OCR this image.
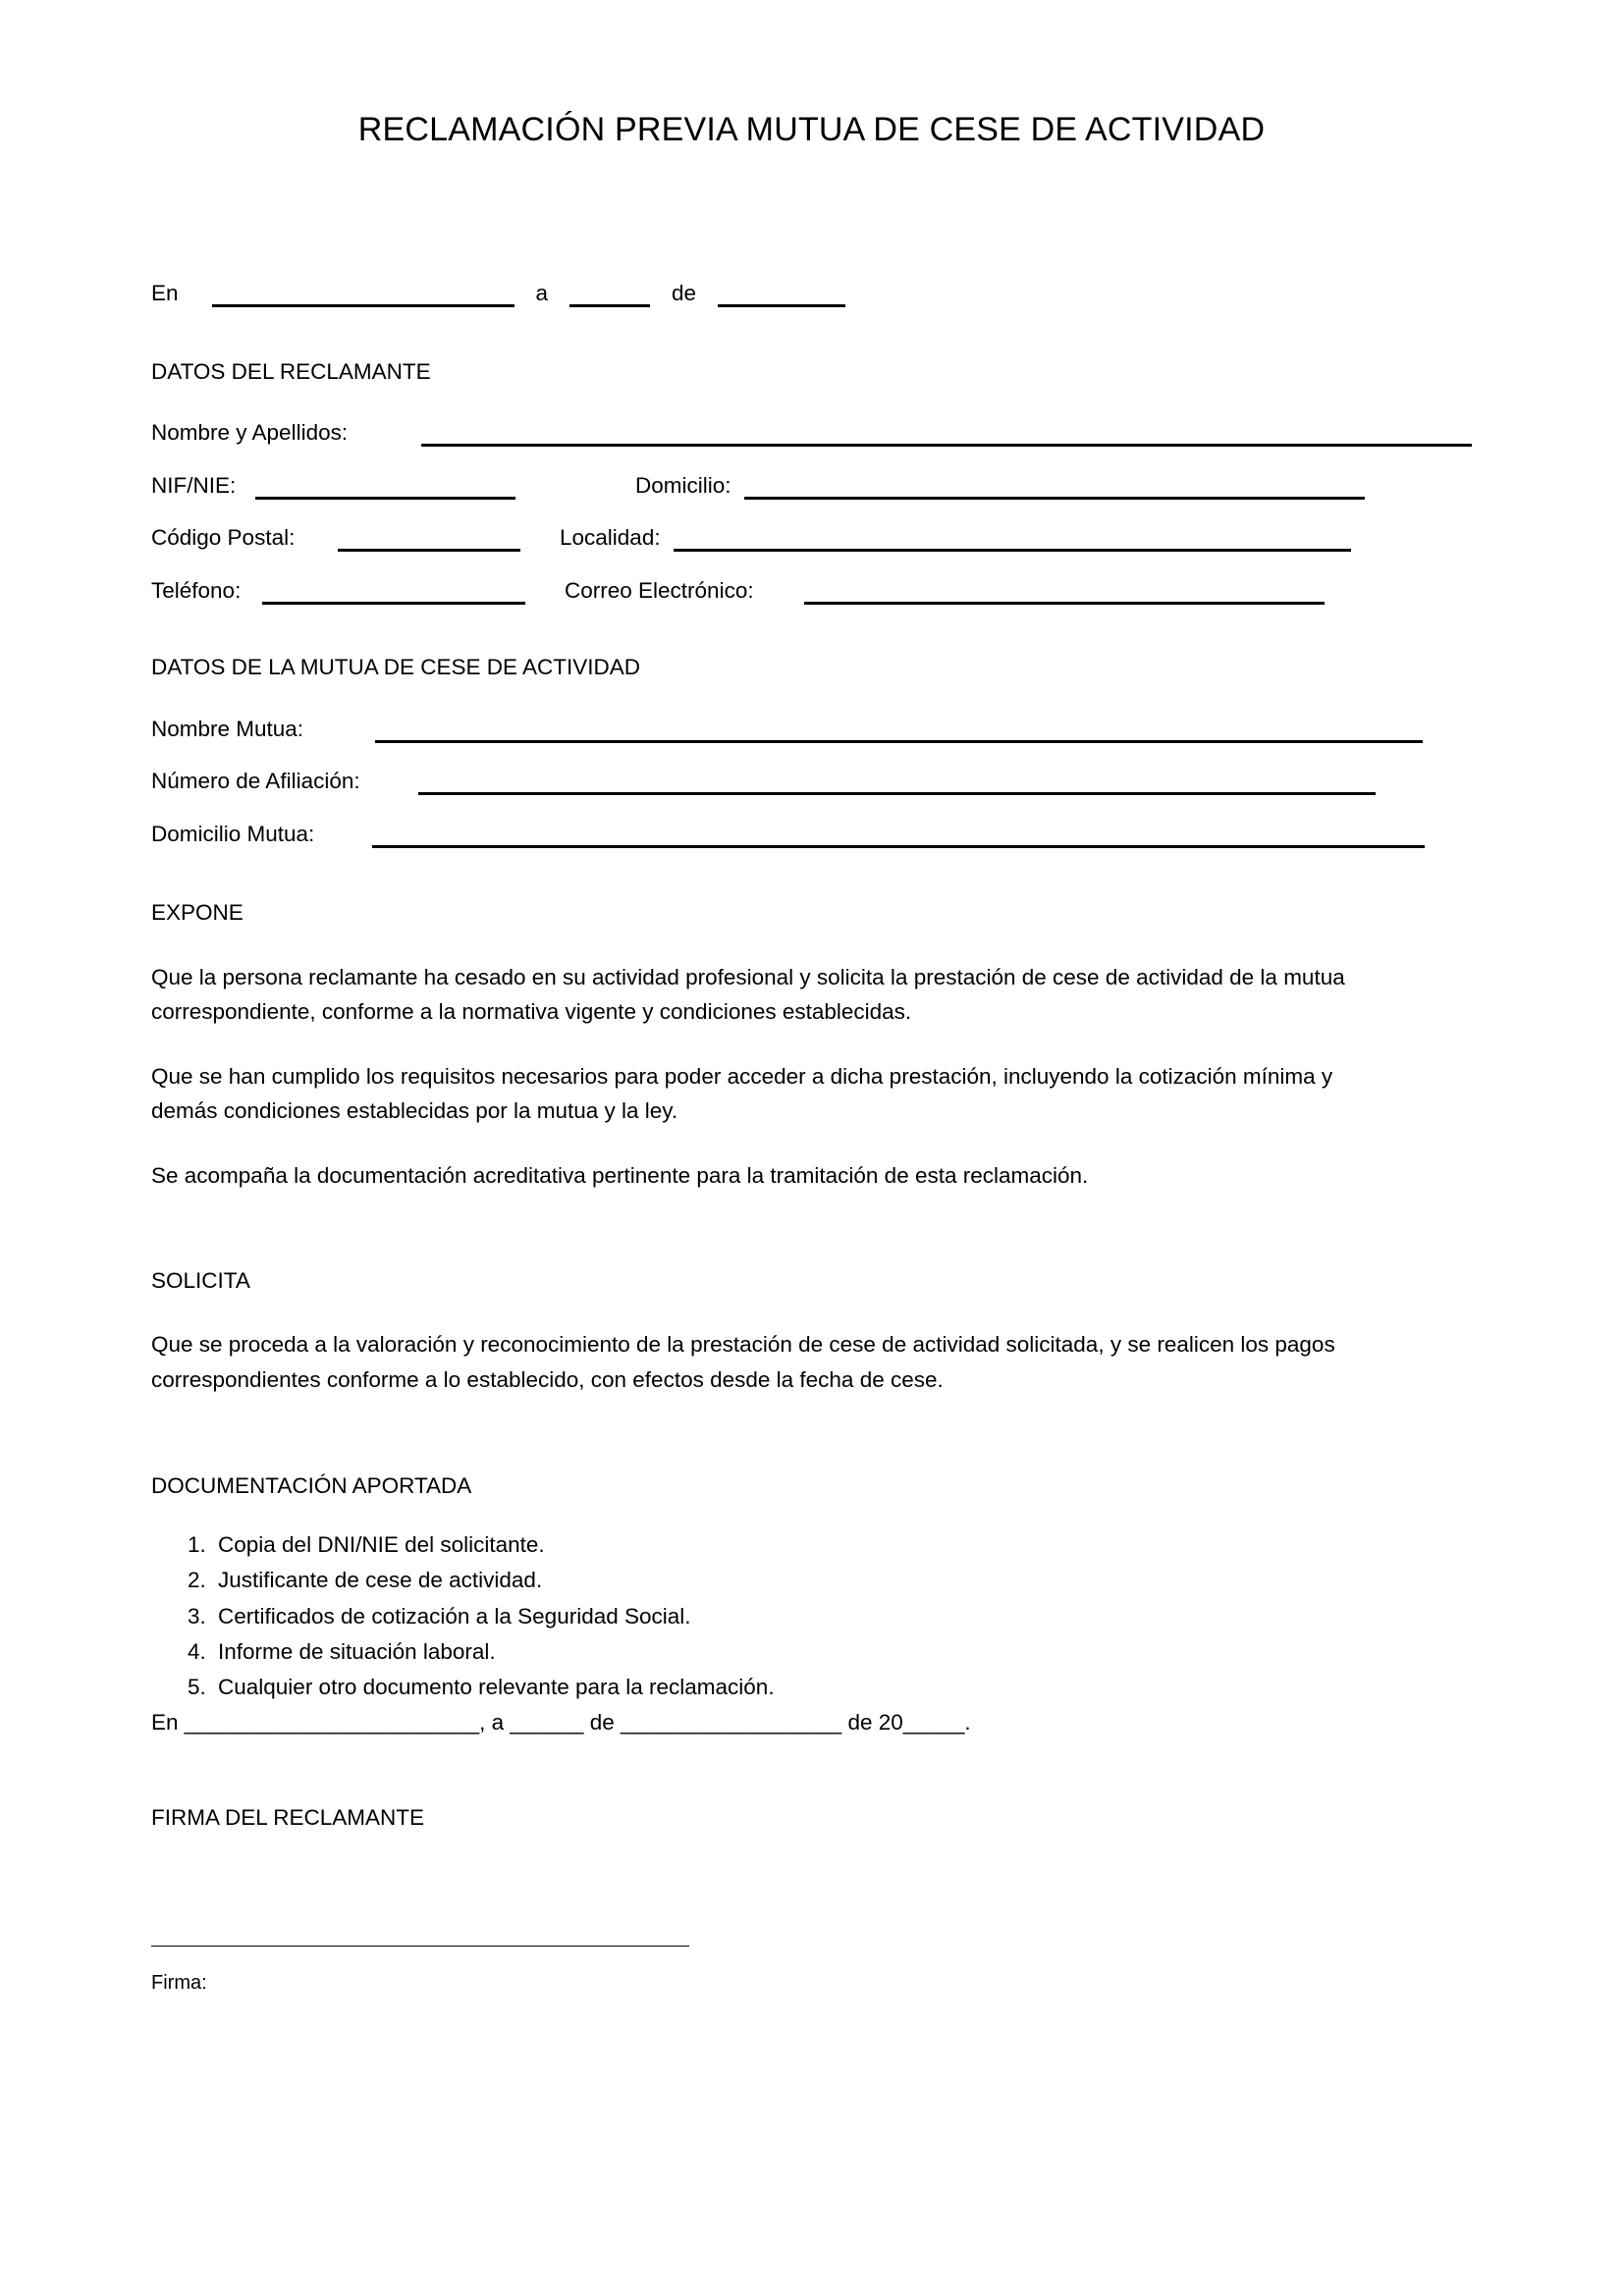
RECLAMACIÓN PREVIA MUTUA DE CESE DE ACTIVIDAD
En	a	de
DATOS DEL RECLAMANTE
Nombre y Apellidos:
NIF/NIE:	Domicilio:
Código Postal:	Localidad:
Teléfono:	Correo Electrónico:
DATOS DE LA MUTUA DE CESE DE ACTIVIDAD
Nombre Mutua:
Número de Afiliación:
Domicilio Mutua:
EXPONE

Que la persona reclamante ha cesado en su actividad profesional y solicita la prestación de cese de actividad de la mutua correspondiente, conforme a la normativa vigente y condiciones establecidas.

Que se han cumplido los requisitos necesarios para poder acceder a dicha prestación, incluyendo la cotización mínima y demás condiciones establecidas por la mutua y la ley.

Se acompaña la documentación acreditativa pertinente para la tramitación de esta reclamación.

SOLICITA

Que se proceda a la valoración y reconocimiento de la prestación de cese de actividad solicitada, y se realicen los pagos correspondientes conforme a lo establecido, con efectos desde la fecha de cese.

DOCUMENTACIÓN APORTADA
1. Copia del DNI/NIE del solicitante.
2. Justificante de cese de actividad.
3. Certificados de cotización a la Seguridad Social.
4. Informe de situación laboral.
5. Cualquier otro documento relevante para la reclamación.

En ________________________, a ______ de __________________ de 20_____.

FIRMA DEL RECLAMANTE
Firma:
